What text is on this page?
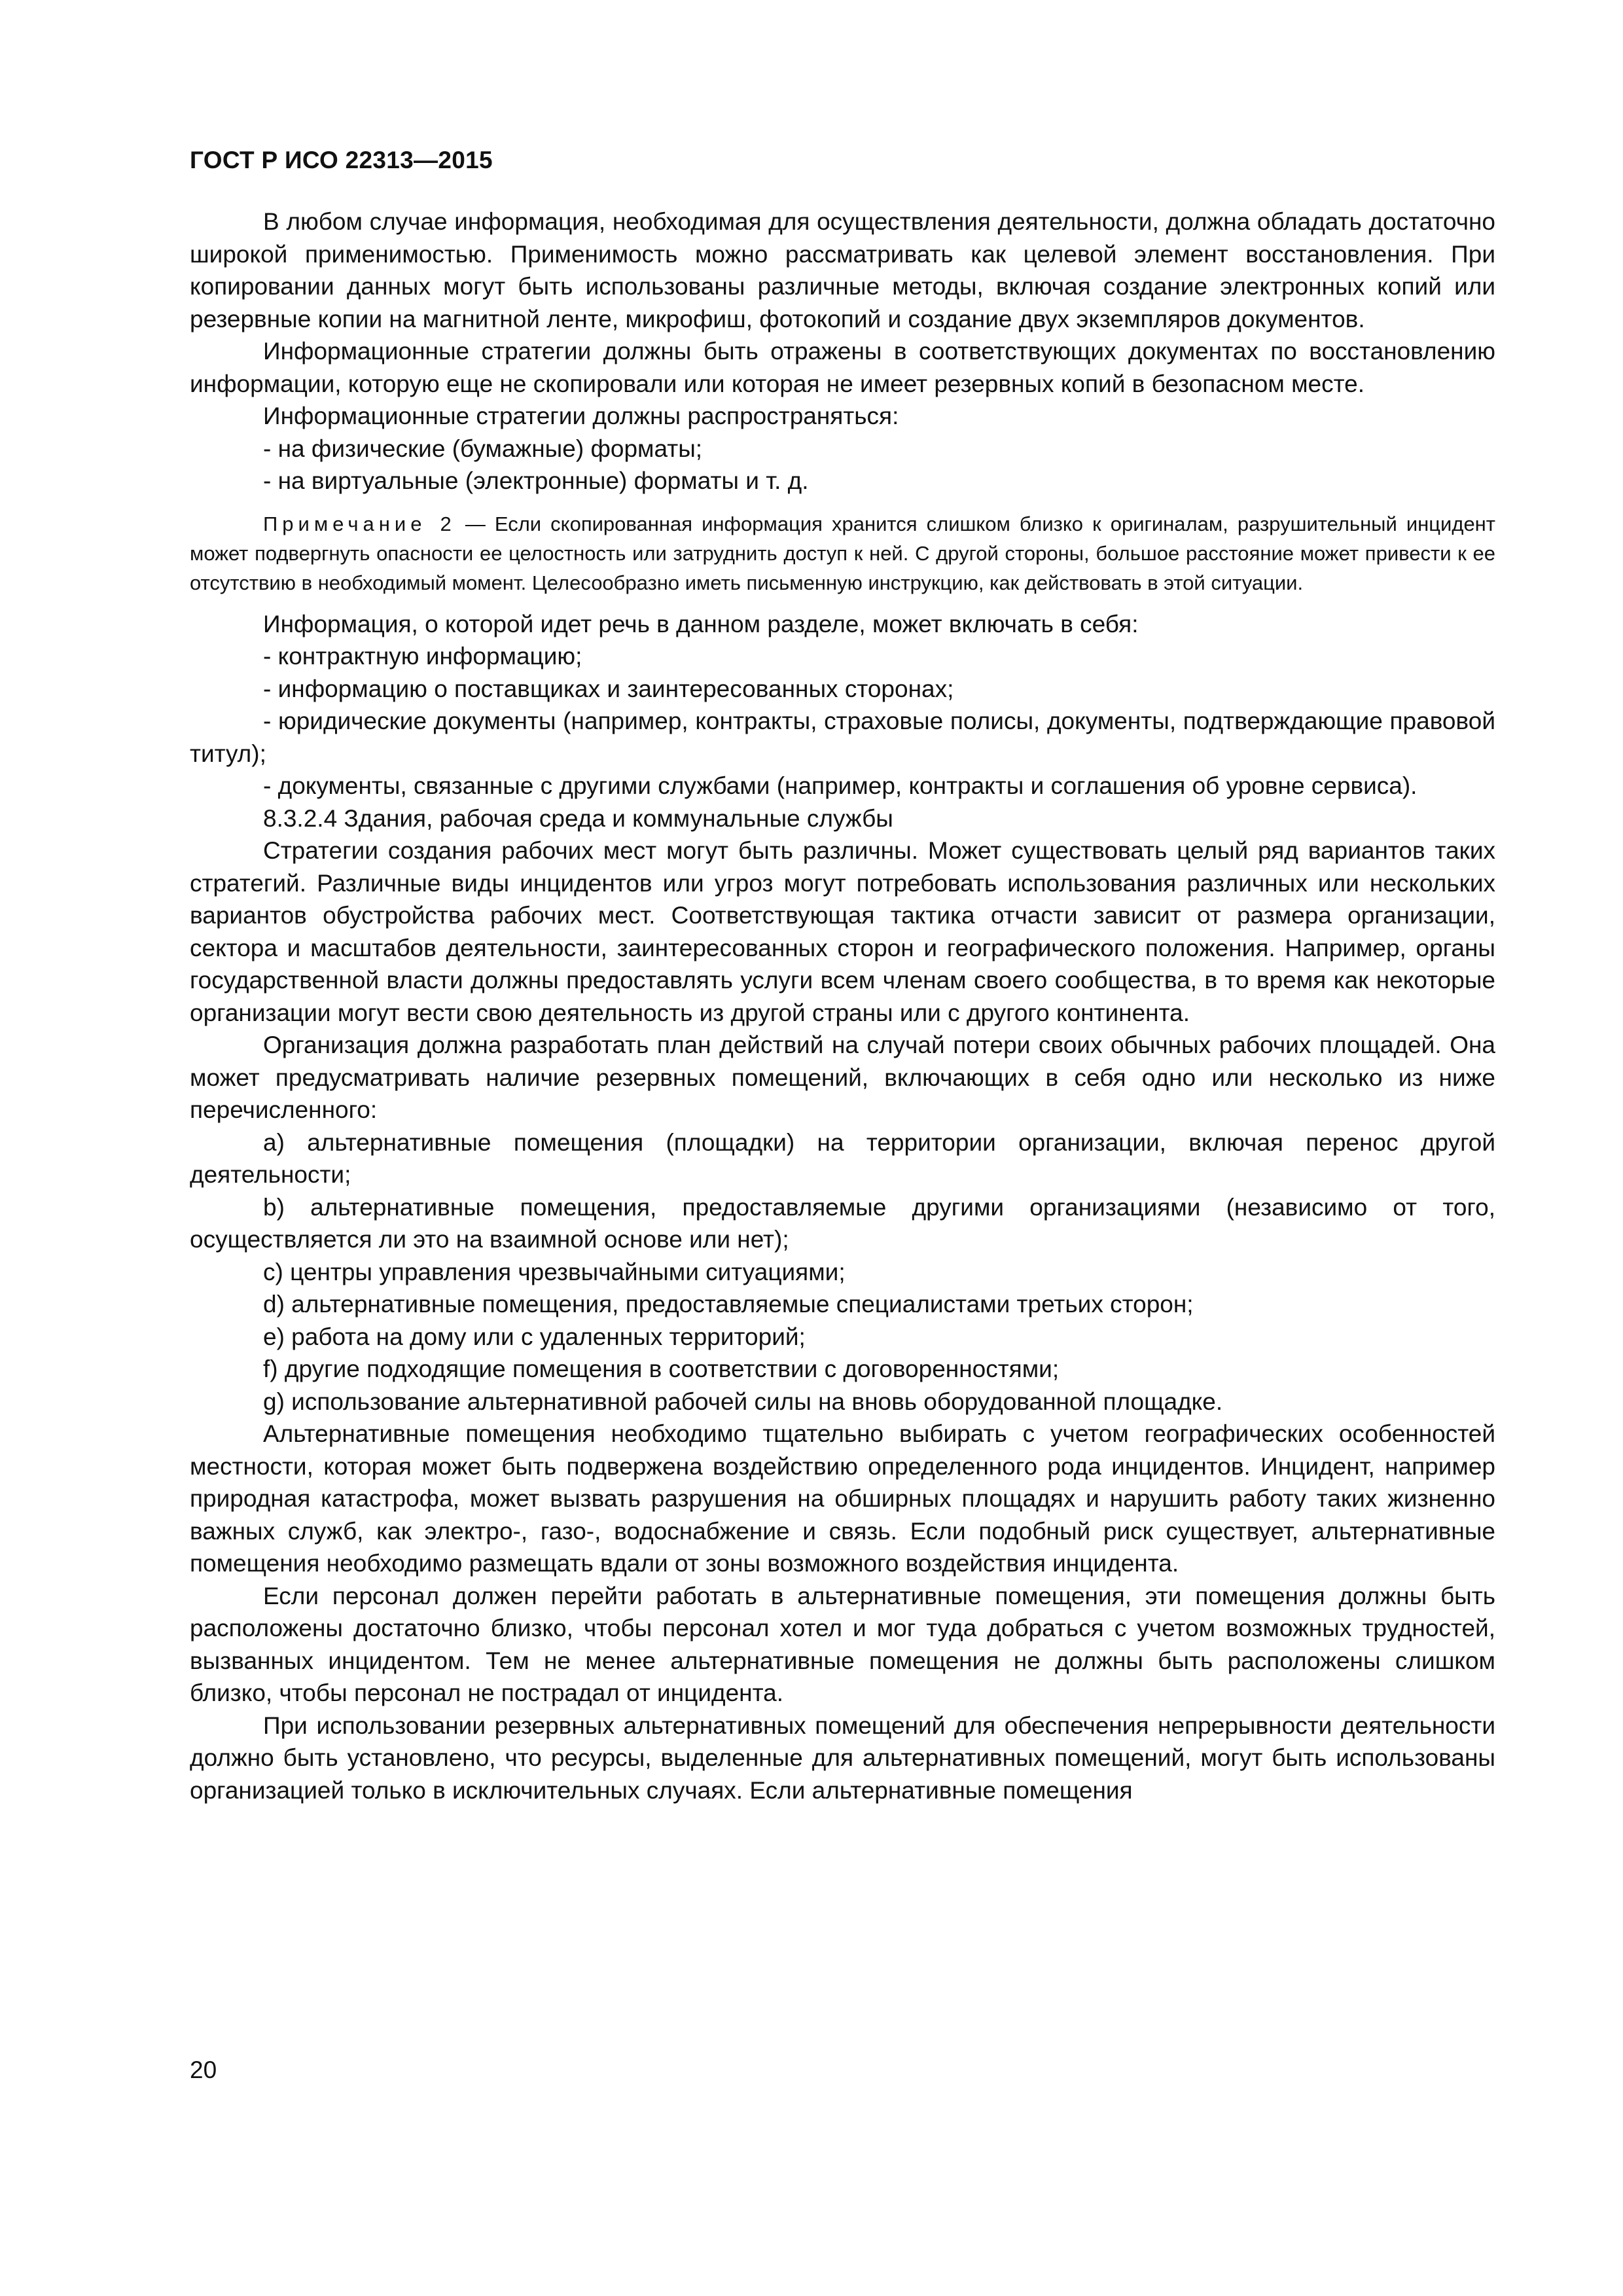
ГОСТ Р ИСО 22313—2015

В любом случае информация, необходимая для осуществления деятельности, должна обладать достаточно широкой применимостью. Применимость можно рассматривать как целевой элемент восстановления. При копировании данных могут быть использованы различные методы, включая создание электронных копий или резервные копии на магнитной ленте, микрофиш, фотокопий и создание двух экземпляров документов.

Информационные стратегии должны быть отражены в соответствующих документах по восстановлению информации, которую еще не скопировали или которая не имеет резервных копий в безопасном месте.

Информационные стратегии должны распространяться:

- на физические (бумажные) форматы;

- на виртуальные (электронные) форматы и т. д.

Примечание 2 — Если скопированная информация хранится слишком близко к оригиналам, разрушительный инцидент может подвергнуть опасности ее целостность или затруднить доступ к ней. С другой стороны, большое расстояние может привести к ее отсутствию в необходимый момент. Целесообразно иметь письменную инструкцию, как действовать в этой ситуации.

Информация, о которой идет речь в данном разделе, может включать в себя:

- контрактную информацию;

- информацию о поставщиках и заинтересованных сторонах;

- юридические документы (например, контракты, страховые полисы, документы, подтверждающие правовой титул);

- документы, связанные с другими службами (например, контракты и соглашения об уровне сервиса).

8.3.2.4 Здания, рабочая среда и коммунальные службы

Стратегии создания рабочих мест могут быть различны. Может существовать целый ряд вариантов таких стратегий. Различные виды инцидентов или угроз могут потребовать использования различных или нескольких вариантов обустройства рабочих мест. Соответствующая тактика отчасти зависит от размера организации, сектора и масштабов деятельности, заинтересованных сторон и географического положения. Например, органы государственной власти должны предоставлять услуги всем членам своего сообщества, в то время как некоторые организации могут вести свою деятельность из другой страны или с другого континента.

Организация должна разработать план действий на случай потери своих обычных рабочих площадей. Она может предусматривать наличие резервных помещений, включающих в себя одно или несколько из ниже перечисленного:

a) альтернативные помещения (площадки) на территории организации, включая перенос другой деятельности;

b) альтернативные помещения, предоставляемые другими организациями (независимо от того, осуществляется ли это на взаимной основе или нет);

c) центры управления чрезвычайными ситуациями;

d) альтернативные помещения, предоставляемые специалистами третьих сторон;

e) работа на дому или с удаленных территорий;

f) другие подходящие помещения в соответствии с договоренностями;

g) использование альтернативной рабочей силы на вновь оборудованной площадке.

Альтернативные помещения необходимо тщательно выбирать с учетом географических особенностей местности, которая может быть подвержена воздействию определенного рода инцидентов. Инцидент, например природная катастрофа, может вызвать разрушения на обширных площадях и нарушить работу таких жизненно важных служб, как электро-, газо-, водоснабжение и связь. Если подобный риск существует, альтернативные помещения необходимо размещать вдали от зоны возможного воздействия инцидента.

Если персонал должен перейти работать в альтернативные помещения, эти помещения должны быть расположены достаточно близко, чтобы персонал хотел и мог туда добраться с учетом возможных трудностей, вызванных инцидентом. Тем не менее альтернативные помещения не должны быть расположены слишком близко, чтобы персонал не пострадал от инцидента.

При использовании резервных альтернативных помещений для обеспечения непрерывности деятельности должно быть установлено, что ресурсы, выделенные для альтернативных помещений, могут быть использованы организацией только в исключительных случаях. Если альтернативные помещения

20
